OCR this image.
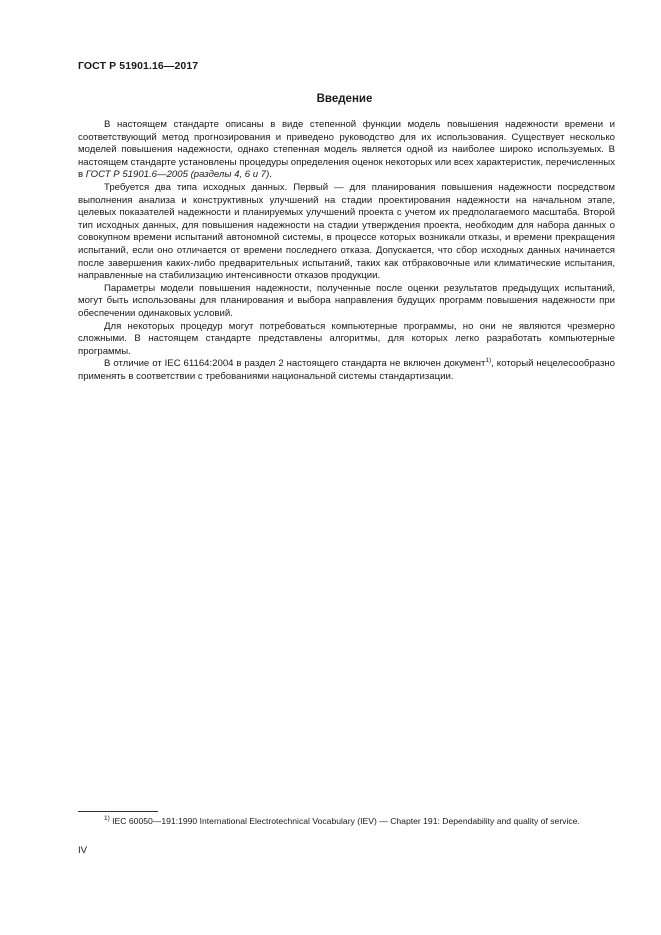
ГОСТ Р 51901.16—2017
Введение

В настоящем стандарте описаны в виде степенной функции модель повышения надежности времени и соответствующий метод прогнозирования и приведено руководство для их использования. Существует несколько моделей повышения надежности, однако степенная модель является одной из наиболее широко используемых. В настоящем стандарте установлены процедуры определения оценок некоторых или всех характеристик, перечисленных в ГОСТ Р 51901.6—2005 (разделы 4, 6 и 7).

Требуется два типа исходных данных. Первый — для планирования повышения надежности посредством выполнения анализа и конструктивных улучшений на стадии проектирования надежности на начальном этапе, целевых показателей надежности и планируемых улучшений проекта с учетом их предполагаемого масштаба. Второй тип исходных данных, для повышения надежности на стадии утверждения проекта, необходим для набора данных о совокупном времени испытаний автономной системы, в процессе которых возникали отказы, и времени прекращения испытаний, если оно отличается от времени последнего отказа. Допускается, что сбор исходных данных начинается после завершения каких-либо предварительных испытаний, таких как отбраковочные или климатические испытания, направленные на стабилизацию интенсивности отказов продукции.

Параметры модели повышения надежности, полученные после оценки результатов предыдущих испытаний, могут быть использованы для планирования и выбора направления будущих программ повышения надежности при обеспечении одинаковых условий.

Для некоторых процедур могут потребоваться компьютерные программы, но они не являются чрезмерно сложными. В настоящем стандарте представлены алгоритмы, для которых легко разработать компьютерные программы.

В отличие от IEC 61164:2004 в раздел 2 настоящего стандарта не включен документ$^{1)}$, который нецелесообразно применять в соответствии с требованиями национальной системы стандартизации.

$^{1)}$ IEC 60050—191:1990 International Electrotechnical Vocabulary (IEV) — Chapter 191: Dependability and quality of service.
IV
